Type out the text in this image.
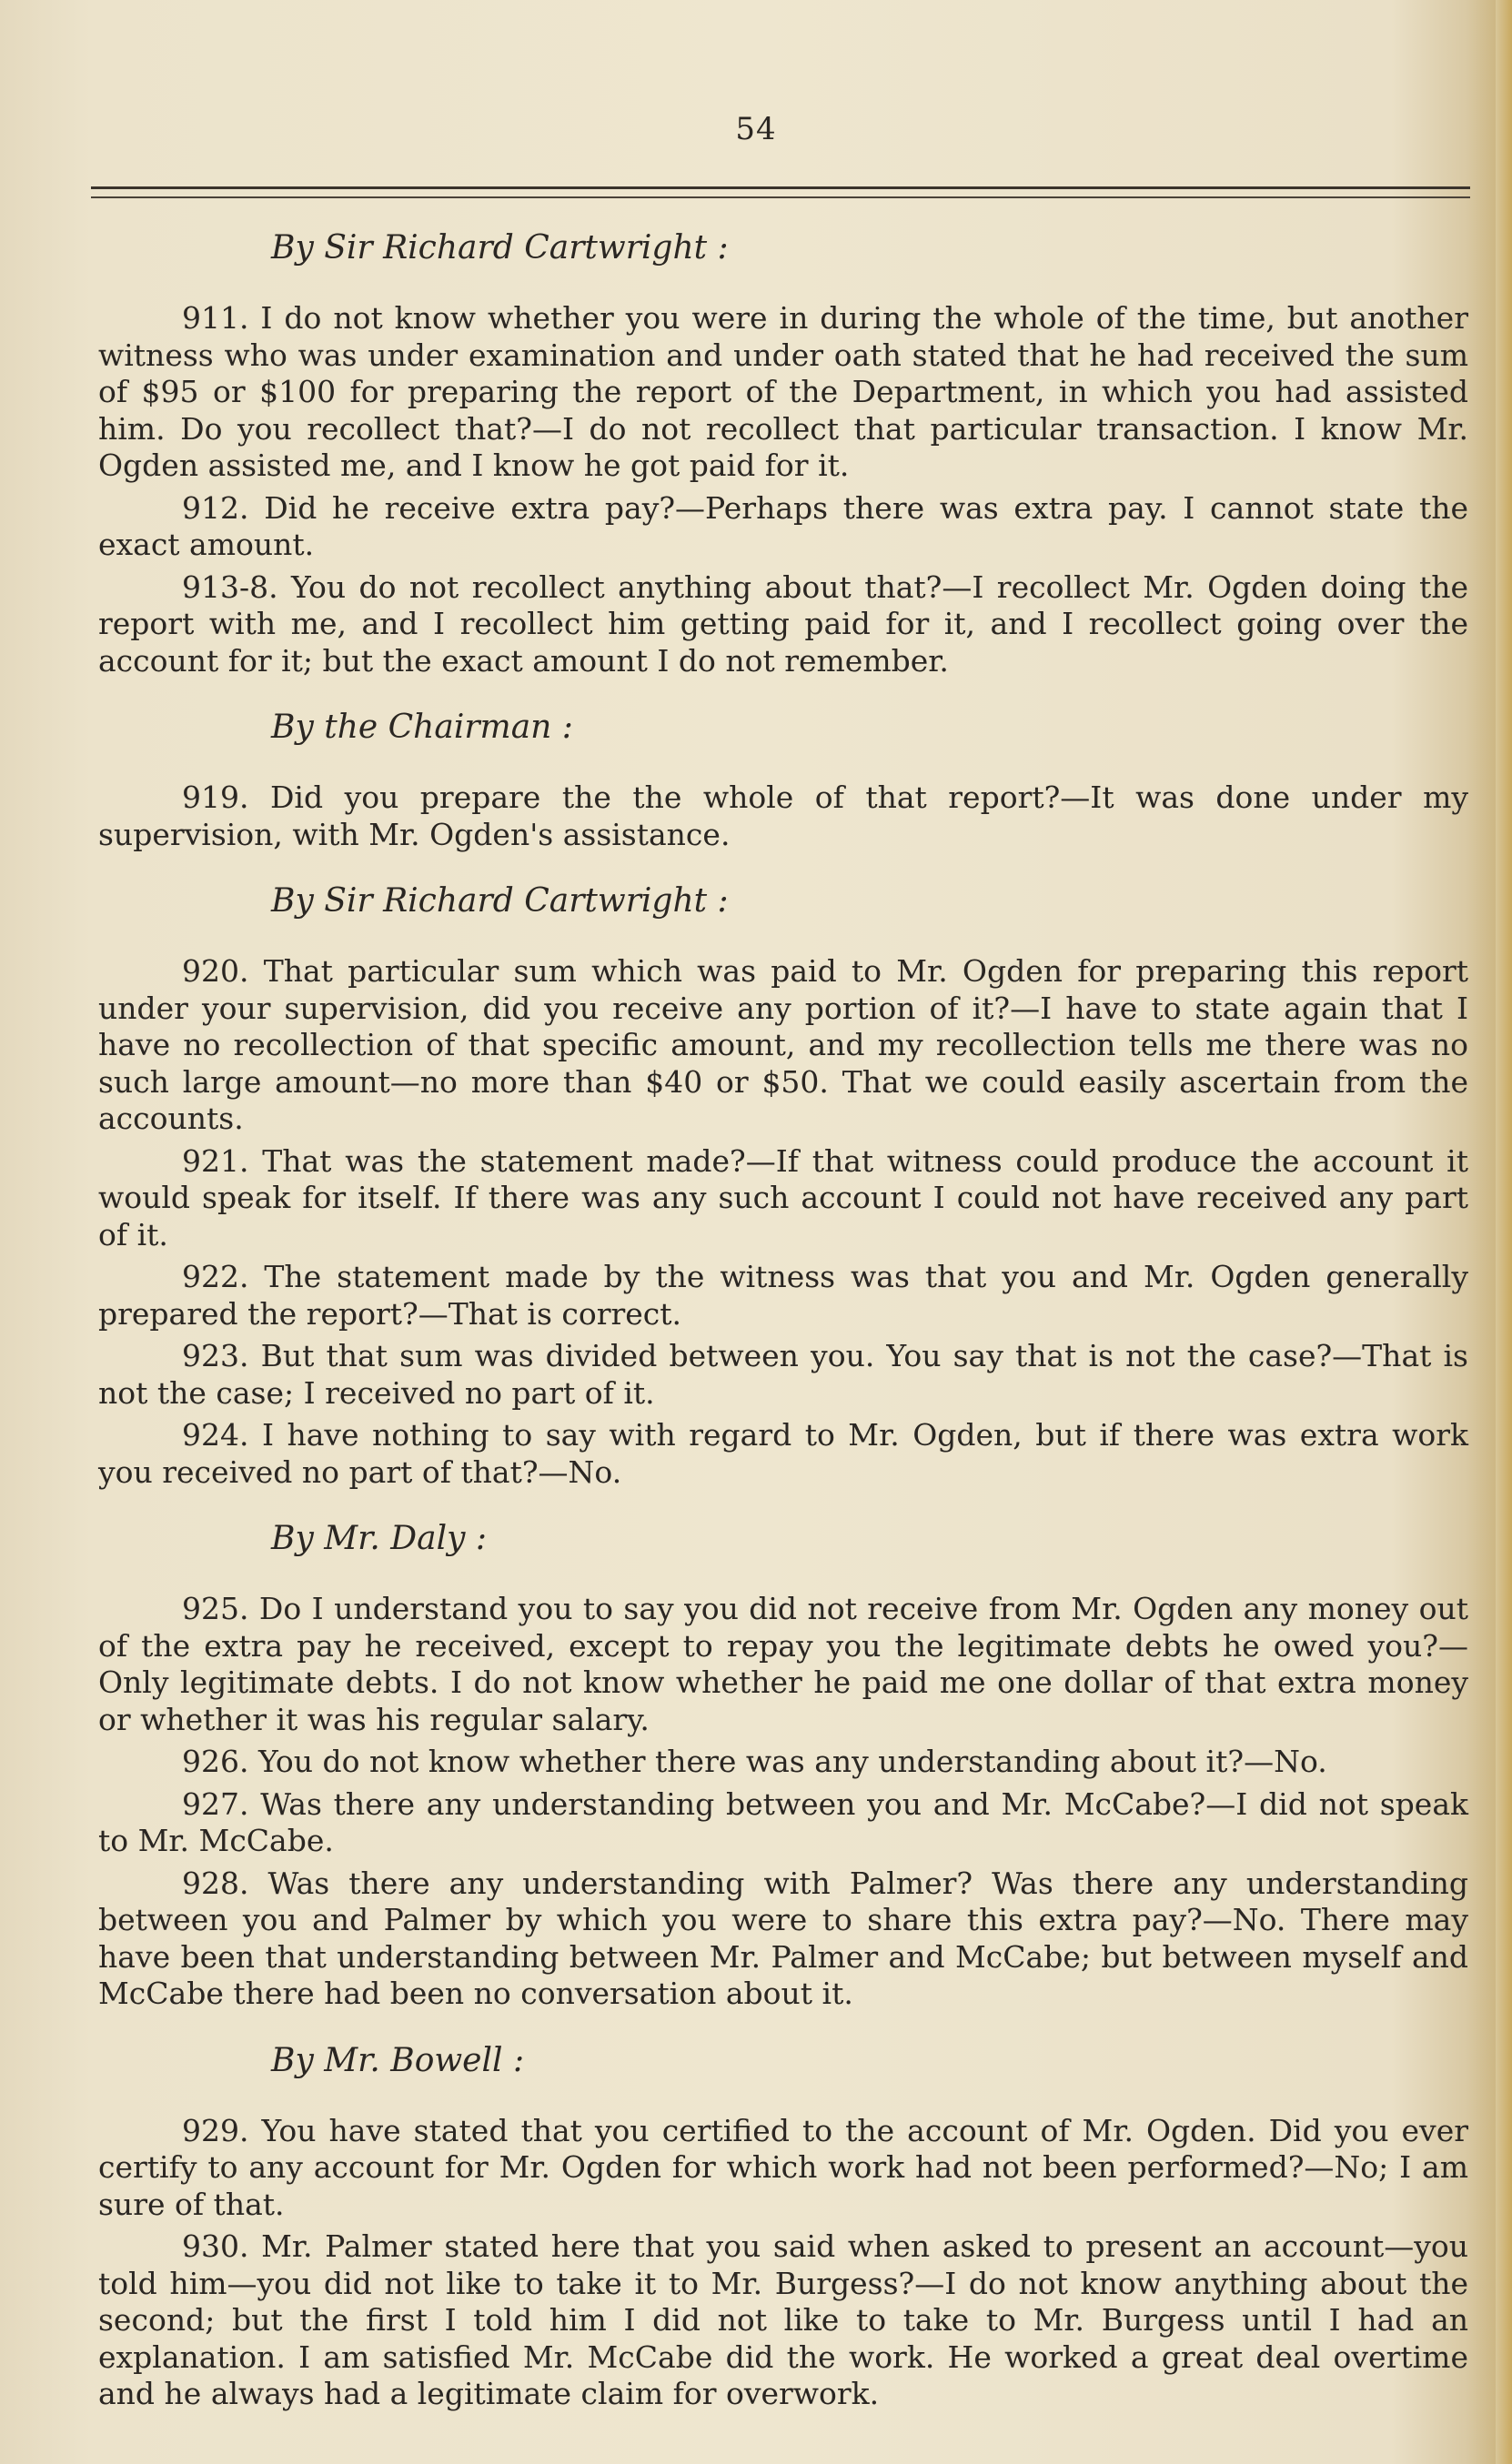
54
By Sir Richard Cartwright :

911. I do not know whether you were in during the whole of the time, but another witness who was under examination and under oath stated that he had received the sum of $95 or $100 for preparing the report of the Department, in which you had assisted him. Do you recollect that?—I do not recollect that particular transaction. I know Mr. Ogden assisted me, and I know he got paid for it.

912. Did he receive extra pay?—Perhaps there was extra pay. I cannot state the exact amount.

913-8. You do not recollect anything about that?—I recollect Mr. Ogden doing the report with me, and I recollect him getting paid for it, and I recollect going over the account for it; but the exact amount I do not remember.

By the Chairman :

919. Did you prepare the the whole of that report?—It was done under my supervision, with Mr. Ogden's assistance.

By Sir Richard Cartwright :

920. That particular sum which was paid to Mr. Ogden for preparing this report under your supervision, did you receive any portion of it?—I have to state again that I have no recollection of that specific amount, and my recollection tells me there was no such large amount—no more than $40 or $50. That we could easily ascertain from the accounts.

921. That was the statement made?—If that witness could produce the account it would speak for itself. If there was any such account I could not have received any part of it.

922. The statement made by the witness was that you and Mr. Ogden generally prepared the report?—That is correct.

923. But that sum was divided between you. You say that is not the case?—That is not the case; I received no part of it.

924. I have nothing to say with regard to Mr. Ogden, but if there was extra work you received no part of that?—No.

By Mr. Daly :

925. Do I understand you to say you did not receive from Mr. Ogden any money out of the extra pay he received, except to repay you the legitimate debts he owed you?—Only legitimate debts. I do not know whether he paid me one dollar of that extra money or whether it was his regular salary.

926. You do not know whether there was any understanding about it?—No.

927. Was there any understanding between you and Mr. McCabe?—I did not speak to Mr. McCabe.

928. Was there any understanding with Palmer? Was there any understanding between you and Palmer by which you were to share this extra pay?—No. There may have been that understanding between Mr. Palmer and McCabe; but between myself and McCabe there had been no conversation about it.

By Mr. Bowell :

929. You have stated that you certified to the account of Mr. Ogden. Did you ever certify to any account for Mr. Ogden for which work had not been performed?—No; I am sure of that.

930. Mr. Palmer stated here that you said when asked to present an account—you told him—you did not like to take it to Mr. Burgess?—I do not know anything about the second; but the first I told him I did not like to take to Mr. Burgess until I had an explanation. I am satisfied Mr. McCabe did the work. He worked a great deal overtime and he always had a legitimate claim for overwork.
